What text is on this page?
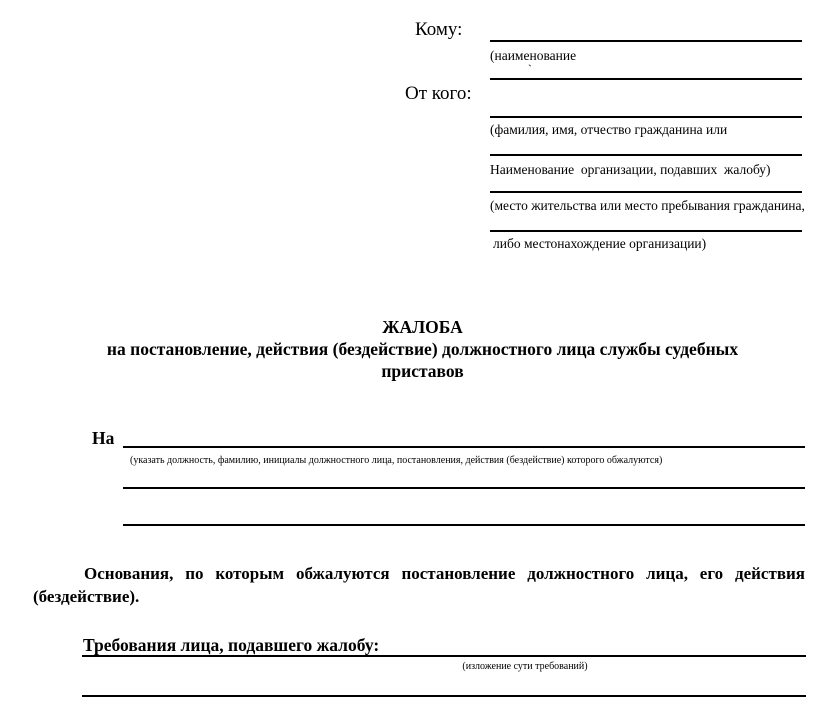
Кому:
(наименование
`
От кого:
(фамилия, имя, отчество гражданина или
Наименование  организации, подавших  жалобу)
(место жительства или место пребывания гражданина,
либо местонахождение организации)
ЖАЛОБА
на постановление, действия (бездействие) должностного лица службы судебных
приставов
На
(указать должность, фамилию, инициалы должностного лица, постановления, действия (бездействие) которого обжалуются)
Основания, по которым обжалуются постановление должностного лица, его действия (бездействие).
Требования лица, подавшего жалобу:
(изложение сути требований)
